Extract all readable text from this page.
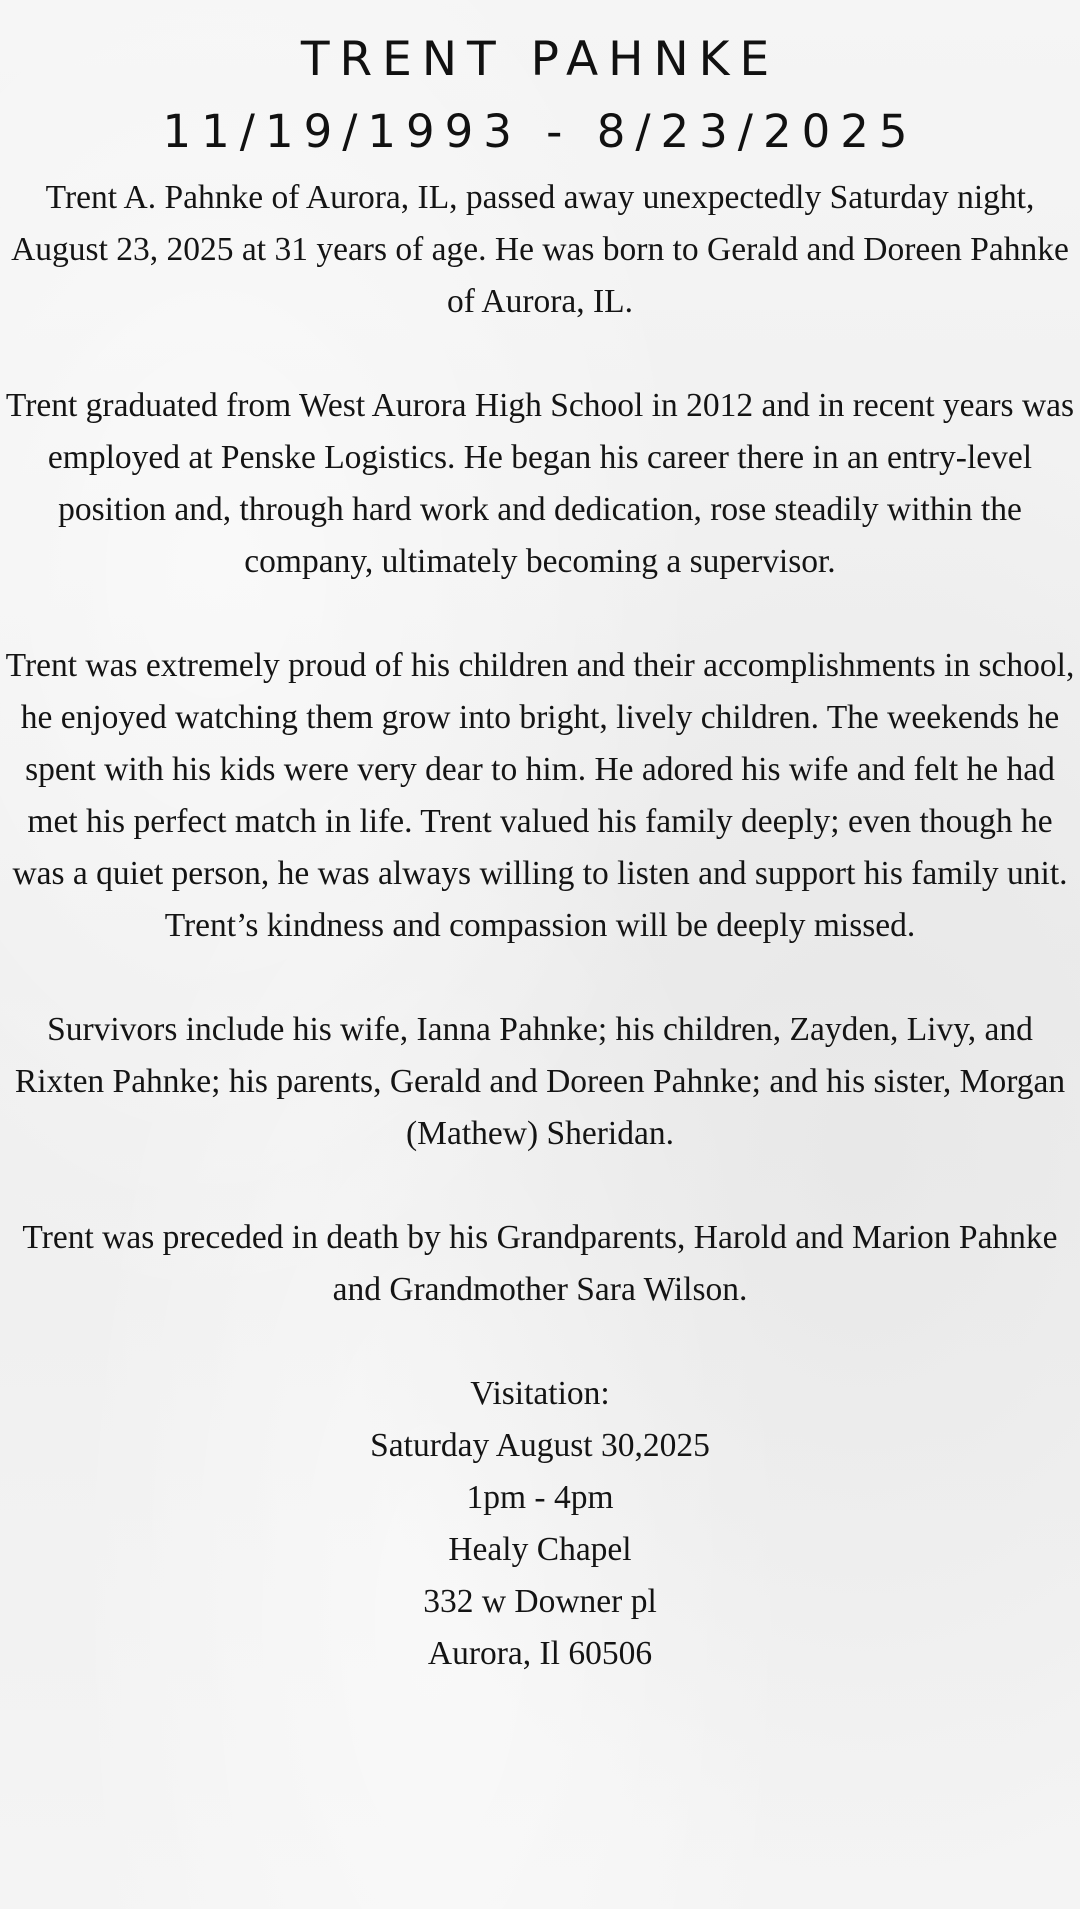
TRENT PAHNKE
11/19/1993 - 8/23/2025

Trent A. Pahnke of Aurora, IL, passed away unexpectedly Saturday night, August 23, 2025 at 31 years of age. He was born to Gerald and Doreen Pahnke of Aurora, IL.

Trent graduated from West Aurora High School in 2012 and in recent years was employed at Penske Logistics. He began his career there in an entry-level position and, through hard work and dedication, rose steadily within the company, ultimately becoming a supervisor.

Trent was extremely proud of his children and their accomplishments in school, he enjoyed watching them grow into bright, lively children. The weekends he spent with his kids were very dear to him. He adored his wife and felt he had met his perfect match in life. Trent valued his family deeply; even though he was a quiet person, he was always willing to listen and support his family unit. Trent’s kindness and compassion will be deeply missed.

Survivors include his wife, Ianna Pahnke; his children, Zayden, Livy, and Rixten Pahnke; his parents, Gerald and Doreen Pahnke; and his sister, Morgan (Mathew) Sheridan.

Trent was preceded in death by his Grandparents, Harold and Marion Pahnke and Grandmother Sara Wilson.

Visitation:
Saturday August 30,2025
1pm - 4pm
Healy Chapel
332 w Downer pl
Aurora, Il 60506
